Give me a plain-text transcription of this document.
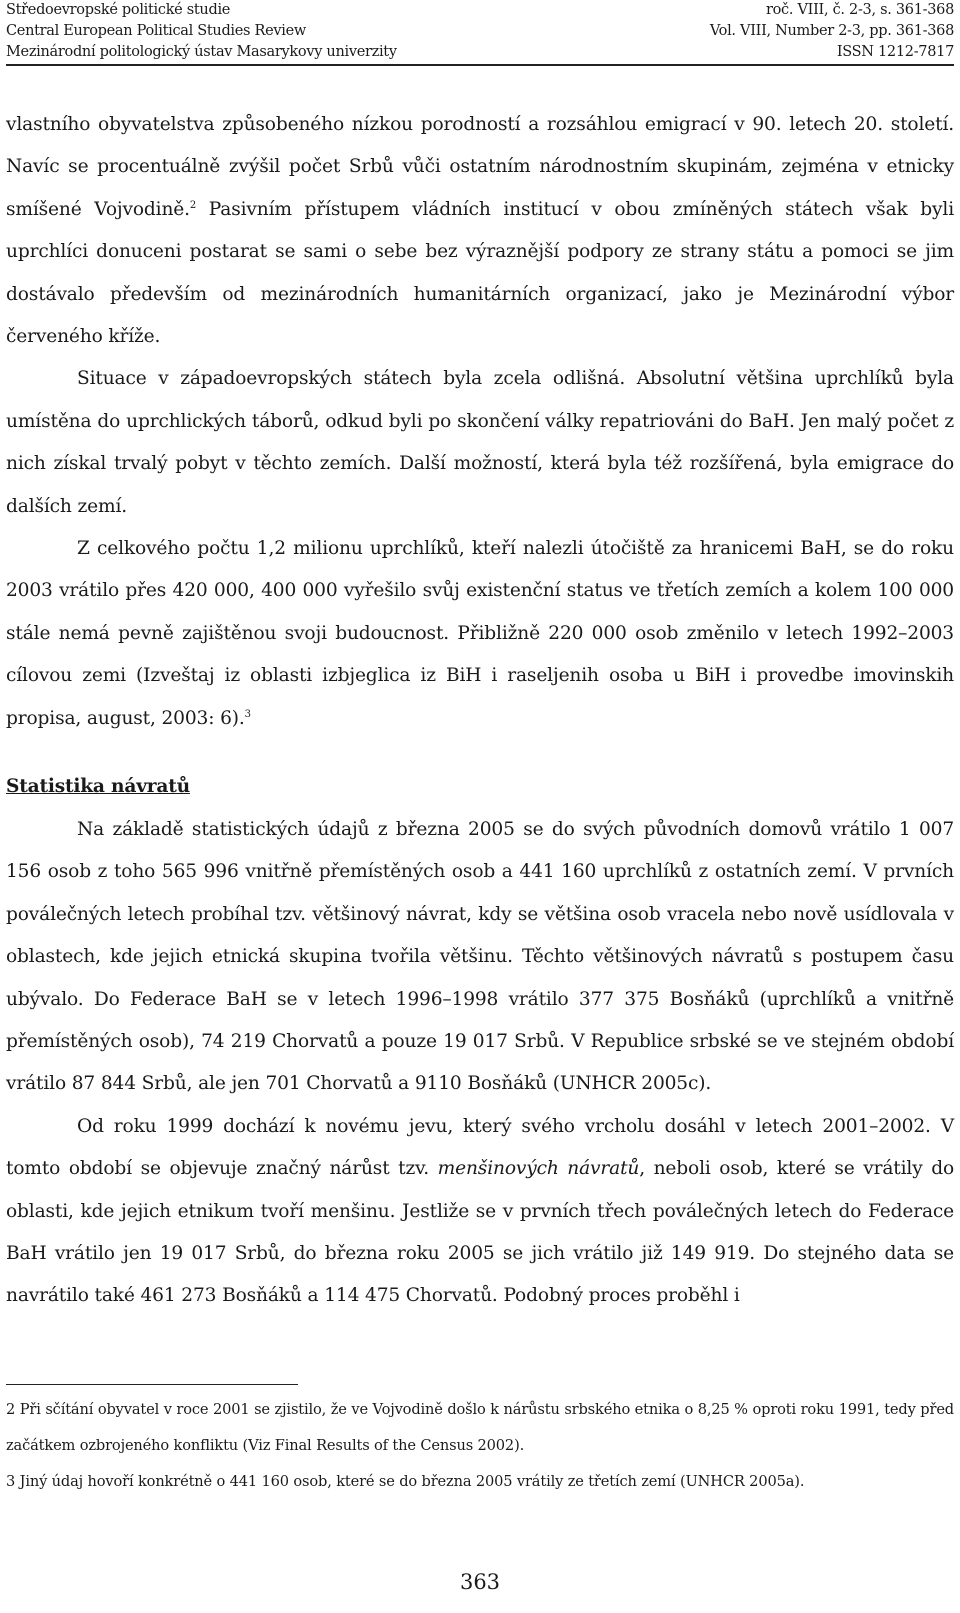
Středoevropské politické studie
Central European Political Studies Review
Mezinárodní politologický ústav Masarykovy univerzity
roč. VIII, č. 2-3, s. 361-368
Vol. VIII, Number 2-3, pp. 361-368
ISSN 1212-7817

vlastního obyvatelstva způsobeného nízkou porodností a rozsáhlou emigrací v 90. letech 20. století. Navíc se procentuálně zvýšil počet Srbů vůči ostatním národnostním skupinám, zejména v etnicky smíšené Vojvodině.$^2$ Pasivním přístupem vládních institucí v obou zmíněných státech však byli uprchlíci donuceni postarat se sami o sebe bez výraznější podpory ze strany státu a pomoci se jim dostávalo především od mezinárodních humanitárních organizací, jako je Mezinárodní výbor červeného kříže.

Situace v západoevropských státech byla zcela odlišná. Absolutní většina uprchlíků byla umístěna do uprchlických táborů, odkud byli po skončení války repatriováni do BaH. Jen malý počet z nich získal trvalý pobyt v těchto zemích. Další možností, která byla též rozšířená, byla emigrace do dalších zemí.

Z celkového počtu 1,2 milionu uprchlíků, kteří nalezli útočiště za hranicemi BaH, se do roku 2003 vrátilo přes 420 000, 400 000 vyřešilo svůj existenční status ve třetích zemích a kolem 100 000 stále nemá pevně zajištěnou svoji budoucnost. Přibližně 220 000 osob změnilo v letech 1992–2003 cílovou zemi (Izveštaj iz oblasti izbjeglica iz BiH i raseljenih osoba u BiH i provedbe imovinskih propisa, august, 2003: 6).$^3$

Statistika návratů

Na základě statistických údajů z března 2005 se do svých původních domovů vrátilo 1 007 156 osob z toho 565 996 vnitřně přemístěných osob a 441 160 uprchlíků z ostatních zemí. V prvních poválečných letech probíhal tzv. většinový návrat, kdy se většina osob vracela nebo nově usídlovala v oblastech, kde jejich etnická skupina tvořila většinu. Těchto většinových návratů s postupem času ubývalo. Do Federace BaH se v letech 1996–1998 vrátilo 377 375 Bosňáků (uprchlíků a vnitřně přemístěných osob), 74 219 Chorvatů a pouze 19 017 Srbů. V Republice srbské se ve stejném období vrátilo 87 844 Srbů, ale jen 701 Chorvatů a 9110 Bosňáků (UNHCR 2005c).

Od roku 1999 dochází k novému jevu, který svého vrcholu dosáhl v letech 2001–2002. V tomto období se objevuje značný nárůst tzv. menšinových návratů, neboli osob, které se vrátily do oblasti, kde jejich etnikum tvoří menšinu. Jestliže se v prvních třech poválečných letech do Federace BaH vrátilo jen 19 017 Srbů, do března roku 2005 se jich vrátilo již 149 919. Do stejného data se navrátilo také 461 273 Bosňáků a 114 475 Chorvatů. Podobný proces proběhl i

2 Při sčítání obyvatel v roce 2001 se zjistilo, že ve Vojvodině došlo k nárůstu srbského etnika o 8,25 % oproti roku 1991, tedy před začátkem ozbrojeného konfliktu (Viz Final Results of the Census 2002).

3 Jiný údaj hovoří konkrétně o 441 160 osob, které se do března 2005 vrátily ze třetích zemí (UNHCR 2005a).

363
